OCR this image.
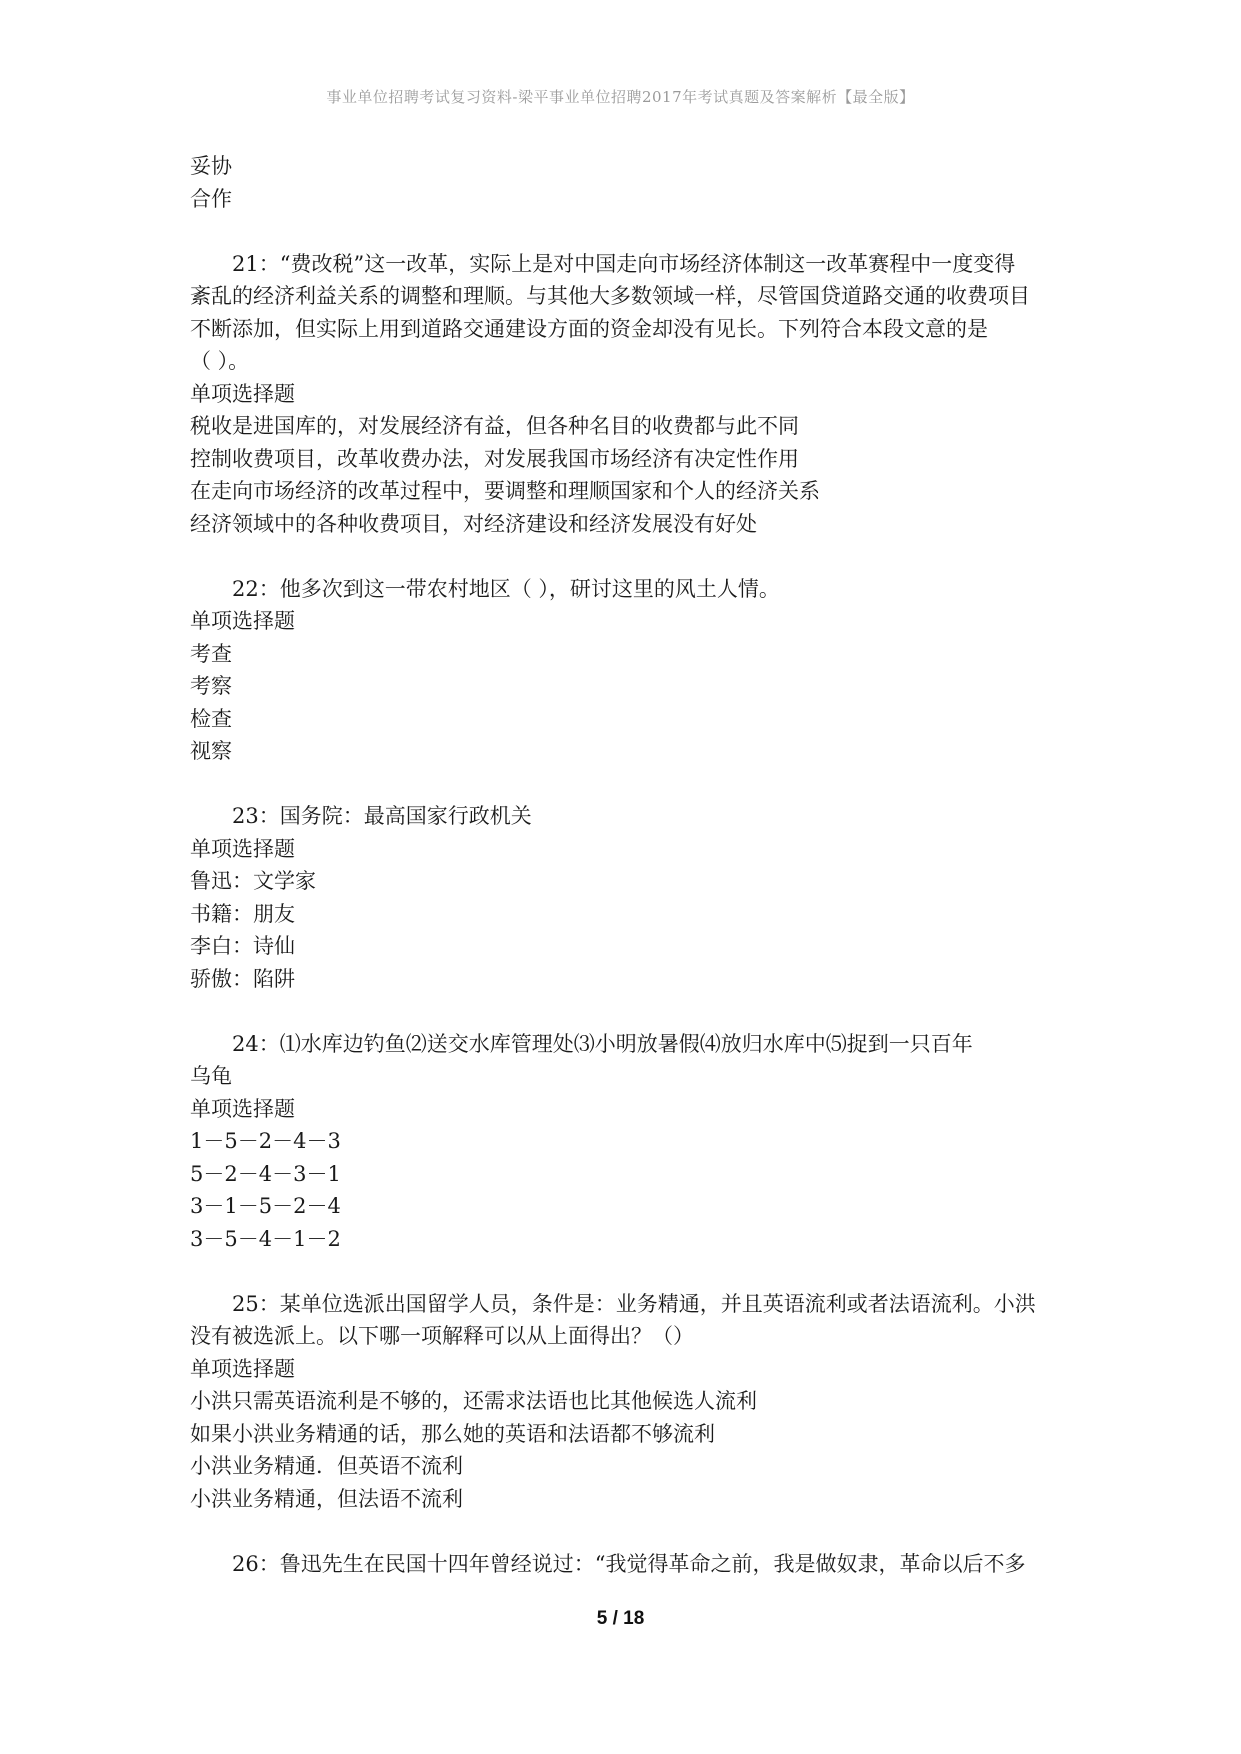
事业单位招聘考试复习资料-梁平事业单位招聘2017年考试真题及答案解析【最全版】
妥协
合作
21：“费改税”这一改革，实际上是对中国走向市场经济体制这一改革赛程中一度变得
紊乱的经济利益关系的调整和理顺。与其他大多数领域一样，尽管国贷道路交通的收费项目
不断添加，但实际上用到道路交通建设方面的资金却没有见长。下列符合本段文意的是
（ ）。
单项选择题
税收是进国库的，对发展经济有益，但各种名目的收费都与此不同
控制收费项目，改革收费办法，对发展我国市场经济有决定性作用
在走向市场经济的改革过程中，要调整和理顺国家和个人的经济关系
经济领域中的各种收费项目，对经济建设和经济发展没有好处
22：他多次到这一带农村地区（ ），研讨这里的风土人情。
单项选择题
考查
考察
检查
视察
23：国务院：最高国家行政机关
单项选择题
鲁迅：文学家
书籍：朋友
李白：诗仙
骄傲：陷阱
24：⑴水库边钓鱼⑵送交水库管理处⑶小明放暑假⑷放归水库中⑸捉到一只百年
乌龟
单项选择题
1－5－2－4－3
5－2－4－3－1
3－1－5－2－4
3－5－4－1－2
25：某单位选派出国留学人员，条件是：业务精通，并且英语流利或者法语流利。小洪
没有被选派上。以下哪一项解释可以从上面得出？（）
单项选择题
小洪只需英语流利是不够的，还需求法语也比其他候选人流利
如果小洪业务精通的话，那么她的英语和法语都不够流利
小洪业务精通．但英语不流利
小洪业务精通，但法语不流利
26：鲁迅先生在民国十四年曾经说过：“我觉得革命之前，我是做奴隶，革命以后不多
5 / 18
